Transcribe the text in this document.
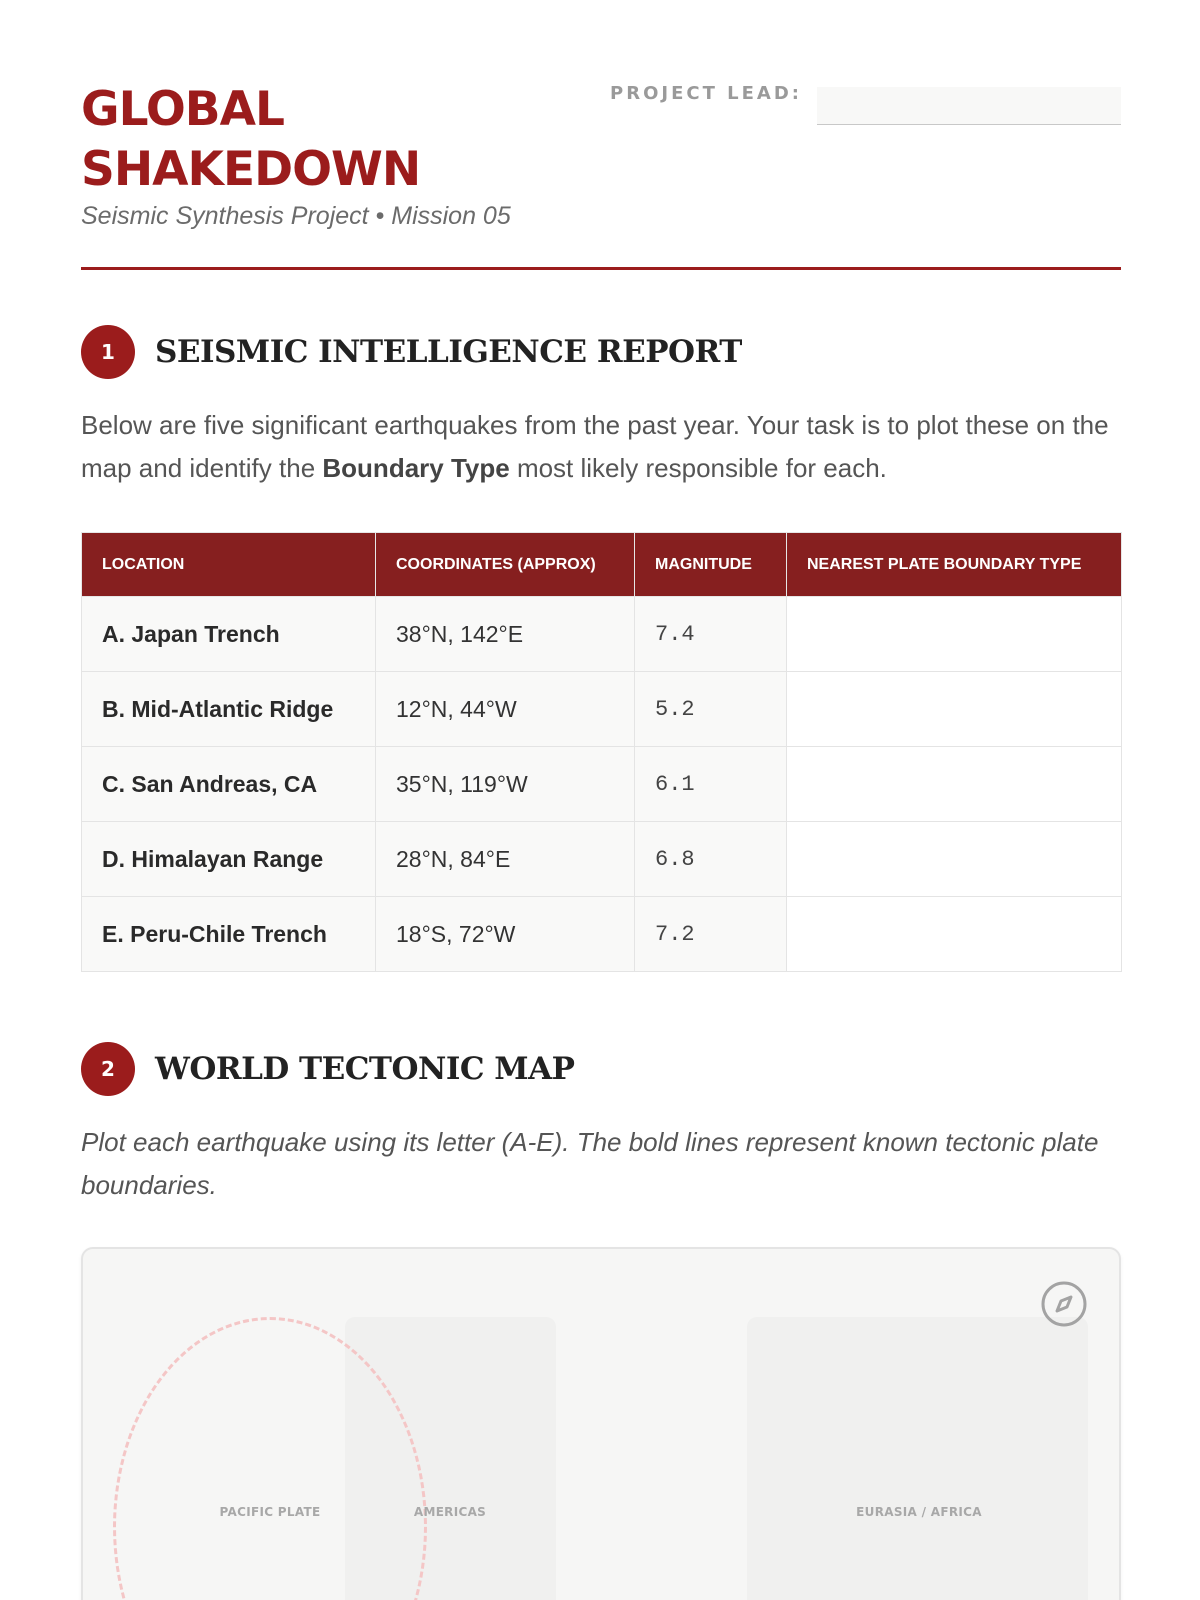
GLOBAL SHAKEDOWN

Seismic Synthesis Project • Mission 05

PROJECT LEAD:
1	SEISMIC INTELLIGENCE REPORT

Below are five significant earthquakes from the past year. Your task is to plot these on the map and identify the Boundary Type most likely responsible for each.

LOCATION	COORDINATES (APPROX)	MAGNITUDE	NEAREST PLATE BOUNDARY TYPE
A. Japan Trench	38°N, 142°E	7.4	
B. Mid-Atlantic Ridge	12°N, 44°W	5.2	
C. San Andreas, CA	35°N, 119°W	6.1	
D. Himalayan Range	28°N, 84°E	6.8	
E. Peru-Chile Trench	18°S, 72°W	7.2	
2	WORLD TECTONIC MAP

Plot each earthquake using its letter (A-E). The bold lines represent known tectonic plate boundaries.

PACIFIC PLATE	AMERICAS	EURASIA / AFRICA
